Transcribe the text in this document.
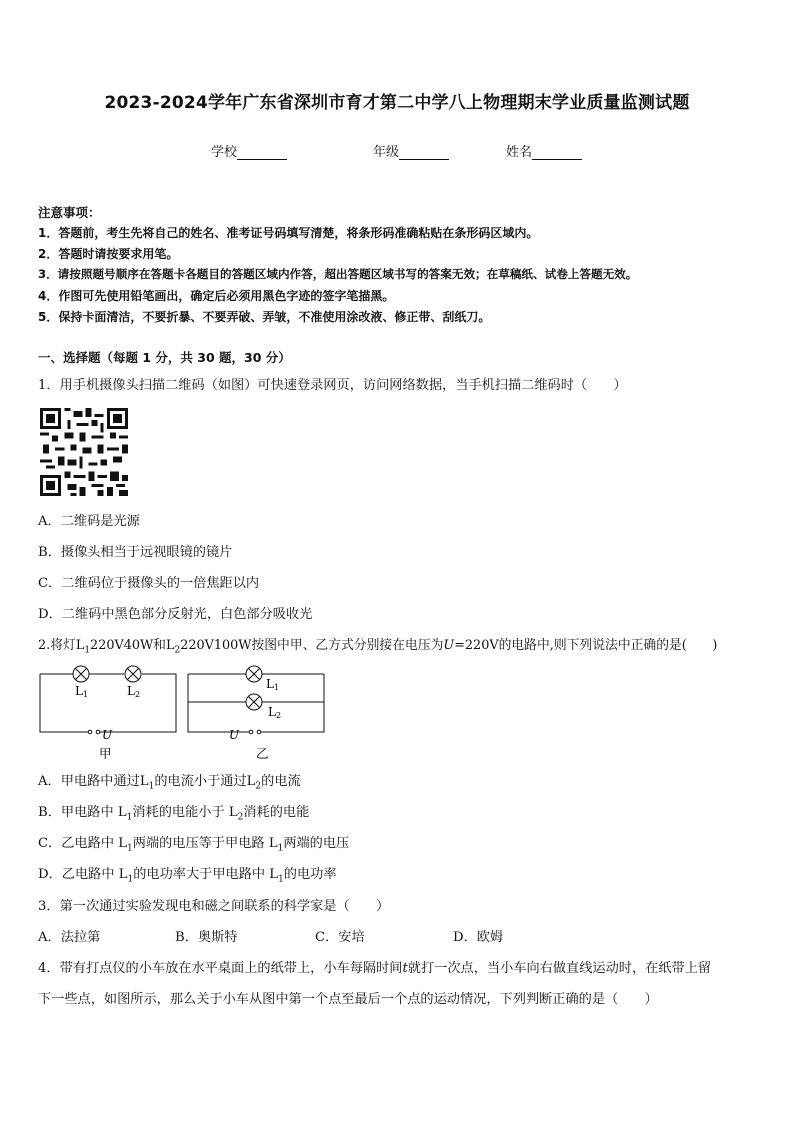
2023-2024学年广东省深圳市育才第二中学八上物理期末学业质量监测试题
学校	年级	姓名
注意事项：
1．答题前，考生先将自己的姓名、准考证号码填写清楚，将条形码准确粘贴在条形码区域内。
2．答题时请按要求用笔。
3．请按照题号顺序在答题卡各题目的答题区域内作答，超出答题区域书写的答案无效；在草稿纸、试卷上答题无效。
4．作图可先使用铅笔画出，确定后必须用黑色字迹的签字笔描黑。
5．保持卡面清洁，不要折暴、不要弄破、弄皱，不准使用涂改液、修正带、刮纸刀。
一、选择题（每题 1 分，共 30 题，30 分）
1．用手机摄像头扫描二维码（如图）可快速登录网页，访问网络数据，当手机扫描二维码时（　　）
A．二维码是光源
B．摄像头相当于远视眼镜的镜片
C．二维码位于摄像头的一倍焦距以内
D．二维码中黑色部分反射光，白色部分吸收光
2.将灯$L_1220V40W$和$L_2220V100W$按图中甲、乙方式分别接在电压为U=220V的电路中,则下列说法中正确的是(　　)
L1	L2
U
甲
L1
L2
U
乙
A．甲电路中通过$L_1$的电流小于通过$L_2$的电流
B．甲电路中 $L_1$消耗的电能小于 $L_2$消耗的电能
C．乙电路中 $L_1$两端的电压等于甲电路 $L_1$两端的电压
D．乙电路中 $L_1$的电功率大于甲电路中 $L_1$的电功率
3．第一次通过实验发现电和磁之间联系的科学家是（　　）
A．法拉第	B．奥斯特	C．安培	D．欧姆
4．带有打点仪的小车放在水平桌面上的纸带上，小车每隔时间t就打一次点，当小车向右做直线运动时，在纸带上留
下一些点，如图所示，那么关于小车从图中第一个点至最后一个点的运动情况，下列判断正确的是（　　）
